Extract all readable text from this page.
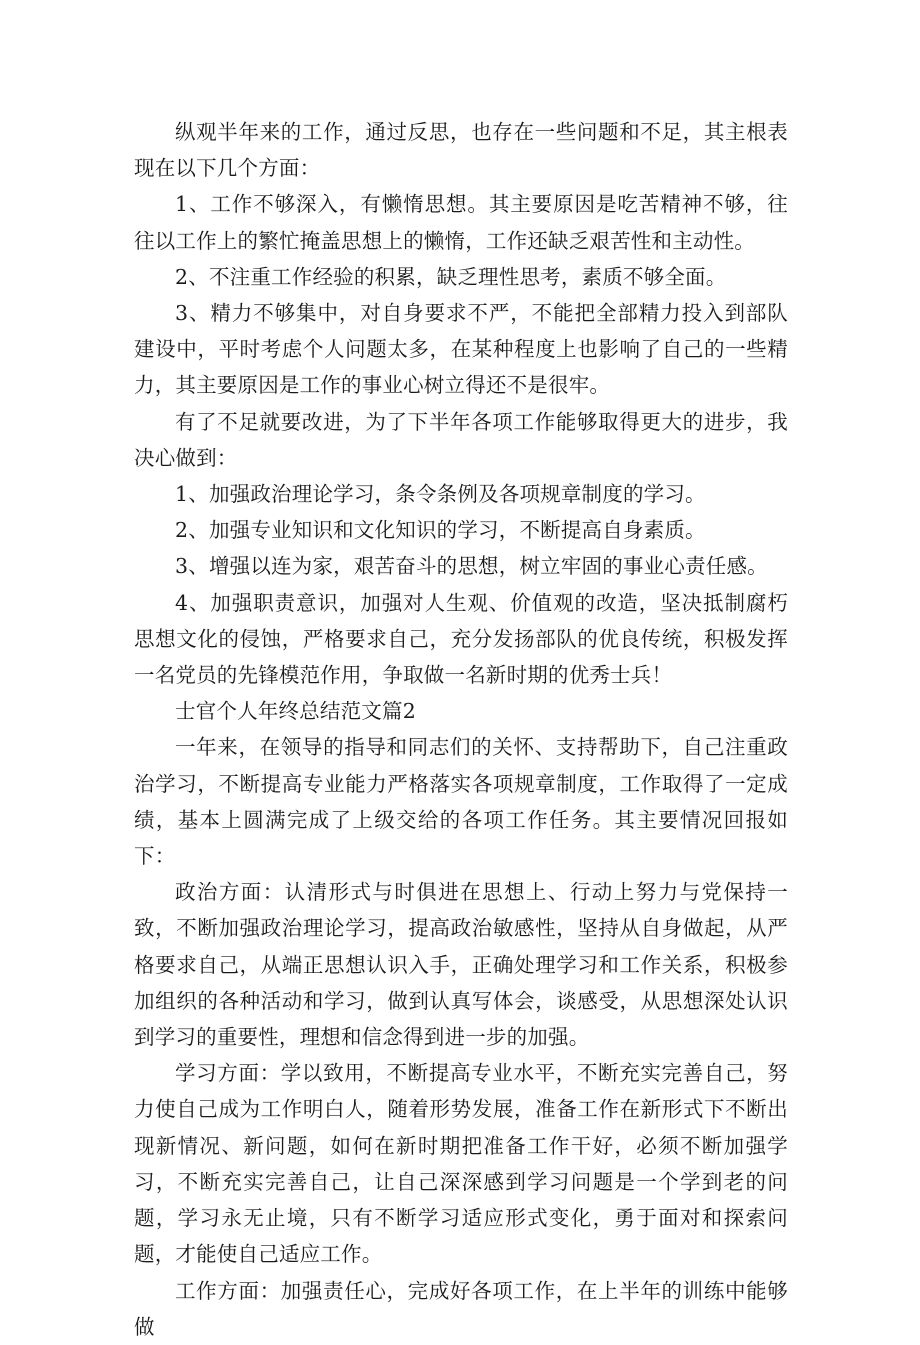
纵观半年来的工作，通过反思，也存在一些问题和不足，其主根表现在以下几个方面：

1、工作不够深入，有懒惰思想。其主要原因是吃苦精神不够，往往以工作上的繁忙掩盖思想上的懒惰，工作还缺乏艰苦性和主动性。

2、不注重工作经验的积累，缺乏理性思考，素质不够全面。

3、精力不够集中，对自身要求不严，不能把全部精力投入到部队建设中，平时考虑个人问题太多，在某种程度上也影响了自己的一些精力，其主要原因是工作的事业心树立得还不是很牢。

有了不足就要改进，为了下半年各项工作能够取得更大的进步，我决心做到：

1、加强政治理论学习，条令条例及各项规章制度的学习。

2、加强专业知识和文化知识的学习，不断提高自身素质。

3、增强以连为家，艰苦奋斗的思想，树立牢固的事业心责任感。

4、加强职责意识，加强对人生观、价值观的改造，坚决抵制腐朽思想文化的侵蚀，严格要求自己，充分发扬部队的优良传统，积极发挥一名党员的先锋模范作用，争取做一名新时期的优秀士兵！

士官个人年终总结范文篇2

一年来，在领导的指导和同志们的关怀、支持帮助下，自己注重政治学习，不断提高专业能力严格落实各项规章制度，工作取得了一定成绩，基本上圆满完成了上级交给的各项工作任务。其主要情况回报如下：

政治方面：认清形式与时俱进在思想上、行动上努力与党保持一致，不断加强政治理论学习，提高政治敏感性，坚持从自身做起，从严格要求自己，从端正思想认识入手，正确处理学习和工作关系，积极参加组织的各种活动和学习，做到认真写体会，谈感受，从思想深处认识到学习的重要性，理想和信念得到进一步的加强。

学习方面：学以致用，不断提高专业水平，不断充实完善自己，努力使自己成为工作明白人，随着形势发展，准备工作在新形式下不断出现新情况、新问题，如何在新时期把准备工作干好，必须不断加强学习，不断充实完善自己，让自己深深感到学习问题是一个学到老的问题，学习永无止境，只有不断学习适应形式变化，勇于面对和探索问题，才能使自己适应工作。

工作方面：加强责任心，完成好各项工作，在上半年的训练中能够做
